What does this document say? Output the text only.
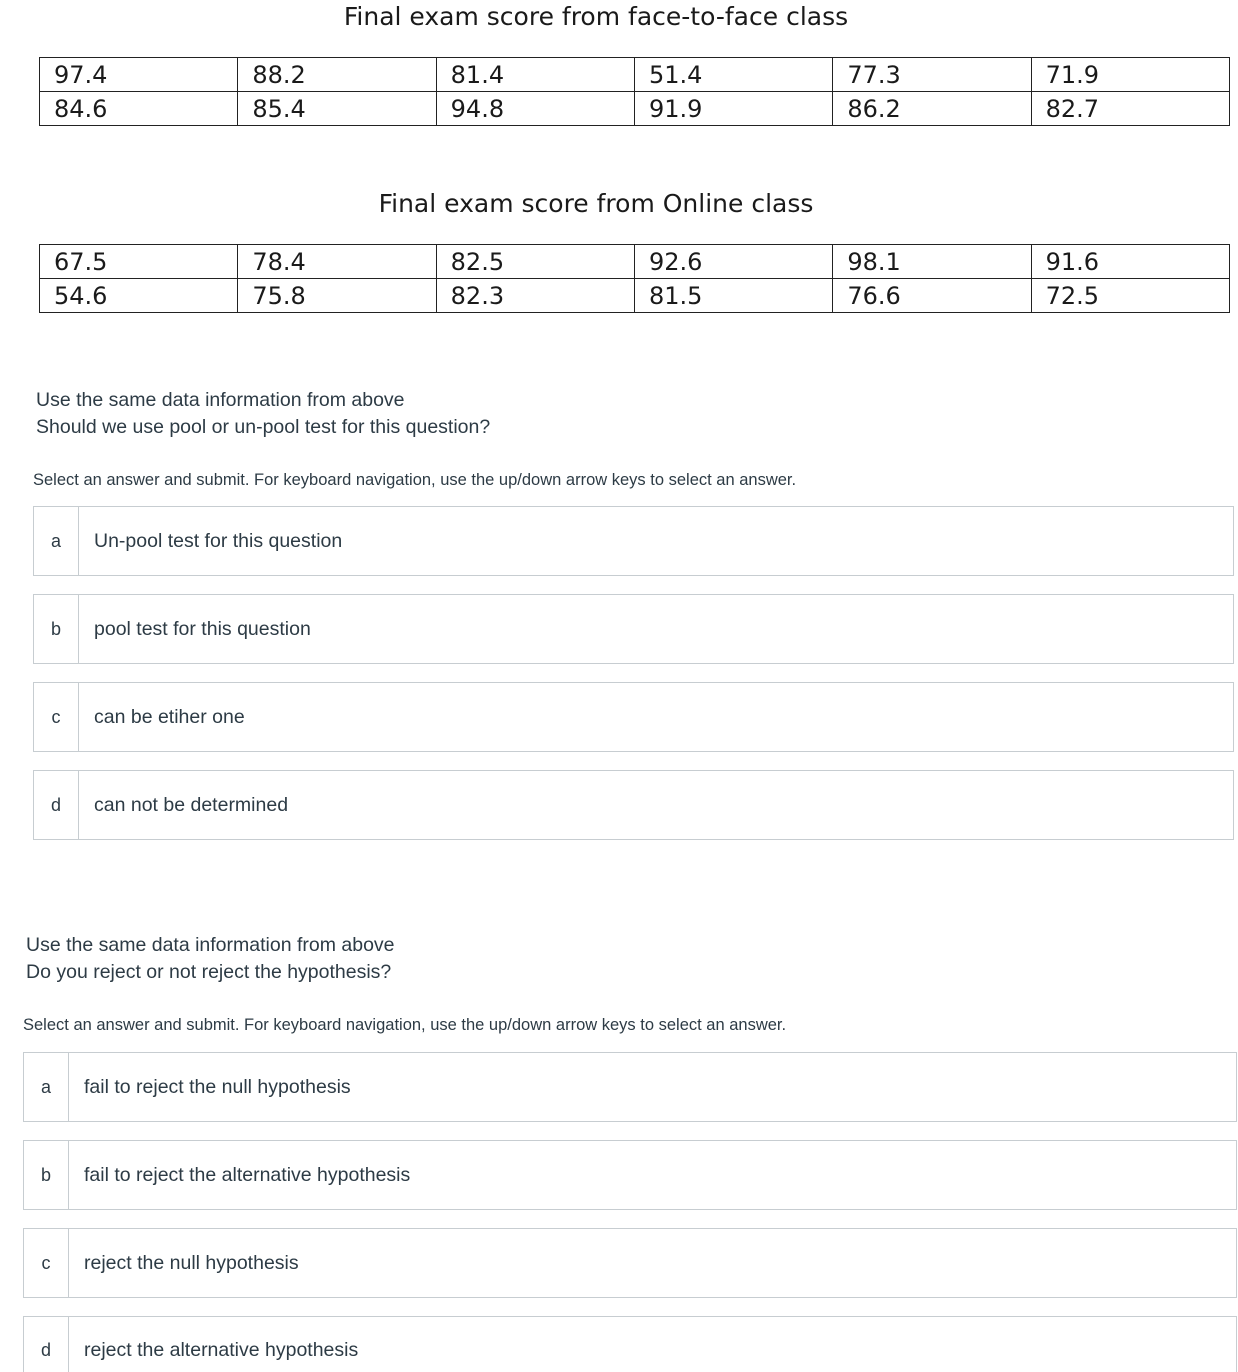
Final exam score from face-to-face class
97.4	88.2	81.4	51.4	77.3	71.9
84.6	85.4	94.8	91.9	86.2	82.7
Final exam score from Online class
67.5	78.4	82.5	92.6	98.1	91.6
54.6	75.8	82.3	81.5	76.6	72.5
Use the same data information from above
Should we use pool or un-pool test for this question?
Select an answer and submit. For keyboard navigation, use the up/down arrow keys to select an answer.
a	Un-pool test for this question
b	pool test for this question
c	can be etiher one
d	can not be determined
Use the same data information from above
Do you reject or not reject the hypothesis?
Select an answer and submit. For keyboard navigation, use the up/down arrow keys to select an answer.
a	fail to reject the null hypothesis
b	fail to reject the alternative hypothesis
c	reject the null hypothesis
d	reject the alternative hypothesis
